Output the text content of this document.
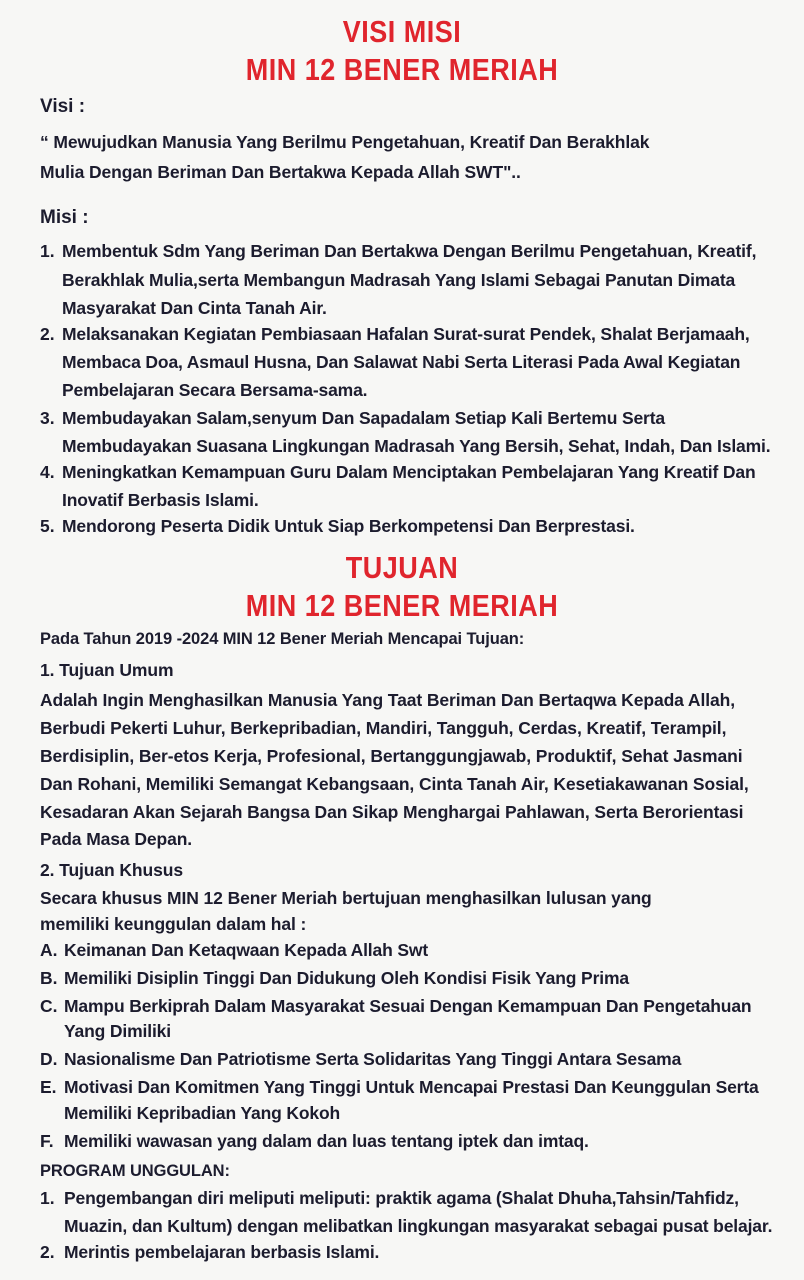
VISI MISI
MIN 12 BENER MERIAH
Visi :
“ Mewujudkan Manusia Yang Berilmu Pengetahuan, Kreatif Dan Berakhlak
Mulia Dengan Beriman Dan Bertakwa Kepada Allah SWT"..
Misi :
1. Membentuk Sdm Yang Beriman Dan Bertakwa Dengan Berilmu Pengetahuan, Kreatif,
Berakhlak Mulia,serta Membangun Madrasah Yang Islami Sebagai Panutan Dimata
Masyarakat Dan Cinta Tanah Air.
2. Melaksanakan Kegiatan Pembiasaan Hafalan Surat-surat Pendek, Shalat Berjamaah,
Membaca Doa, Asmaul Husna, Dan Salawat Nabi Serta Literasi Pada Awal Kegiatan
Pembelajaran Secara Bersama-sama.
3. Membudayakan Salam,senyum Dan Sapadalam Setiap Kali Bertemu Serta
Membudayakan Suasana Lingkungan Madrasah Yang Bersih, Sehat, Indah, Dan Islami.
4. Meningkatkan Kemampuan Guru Dalam Menciptakan Pembelajaran Yang Kreatif Dan
Inovatif Berbasis Islami.
5. Mendorong Peserta Didik Untuk Siap Berkompetensi Dan Berprestasi.
TUJUAN
MIN 12 BENER MERIAH
Pada Tahun 2019 -2024 MIN 12 Bener Meriah Mencapai Tujuan:
1. Tujuan Umum
Adalah Ingin Menghasilkan Manusia Yang Taat Beriman Dan Bertaqwa Kepada Allah,
Berbudi Pekerti Luhur, Berkepribadian, Mandiri, Tangguh, Cerdas, Kreatif, Terampil,
Berdisiplin, Ber-etos Kerja, Profesional, Bertanggungjawab, Produktif, Sehat Jasmani
Dan Rohani, Memiliki Semangat Kebangsaan, Cinta Tanah Air, Kesetiakawanan Sosial,
Kesadaran Akan Sejarah Bangsa Dan Sikap Menghargai Pahlawan, Serta Berorientasi
Pada Masa Depan.
2. Tujuan Khusus
Secara khusus MIN 12 Bener Meriah bertujuan menghasilkan lulusan yang
memiliki keunggulan dalam hal :
A. Keimanan Dan Ketaqwaan Kepada Allah Swt
B. Memiliki Disiplin Tinggi Dan Didukung Oleh Kondisi Fisik Yang Prima
C. Mampu Berkiprah Dalam Masyarakat Sesuai Dengan Kemampuan Dan Pengetahuan
Yang Dimiliki
D. Nasionalisme Dan Patriotisme Serta Solidaritas Yang Tinggi Antara Sesama
E. Motivasi Dan Komitmen Yang Tinggi Untuk Mencapai Prestasi Dan Keunggulan Serta
Memiliki Kepribadian Yang Kokoh
F. Memiliki wawasan yang dalam dan luas tentang iptek dan imtaq.
PROGRAM UNGGULAN:
1. Pengembangan diri meliputi meliputi: praktik agama (Shalat Dhuha,Tahsin/Tahfidz,
Muazin, dan Kultum) dengan melibatkan lingkungan masyarakat sebagai pusat belajar.
2. Merintis pembelajaran berbasis Islami.
